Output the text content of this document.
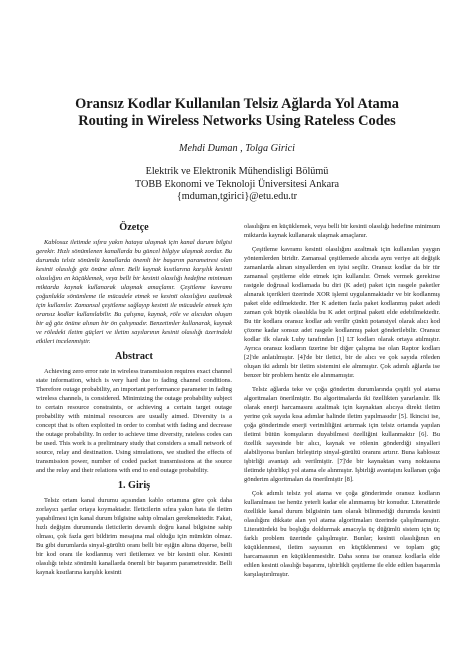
Oransız Kodlar Kullanılan Telsiz Ağlarda Yol Atama
Routing in Wireless Networks Using Rateless Codes
Mehdi Duman , Tolga Girici
Elektrik ve Elektronik Mühendisligi Bölümü
TOBB Ekonomi ve Teknoloji Üniversitesi Ankara
{mduman,tgirici}@etu.edu.tr
Özetçe

Kablosuz iletimde sıfıra yakın hataya ulaşmak için kanal durum bilgisi gerekir. Hızlı sönümlenen kanallarda bu güncel bilgiye ulaşmak zordur. Bu durumda telsiz sönümlü kanallarda önemli bir başarım parametresi olan kesinti olasılığı göz önüne alınır. Belli kaynak kısıtlarına karşılık kesinti olasılığını en küçüklemek, veya belli bir kesinti olasılığı hedefine minimum miktarda kaynak kullanarak ulaşmak amaçlanır. Çeşitleme kavramı çoğunlukla sönümleme ile mücadele etmek ve kesinti olasılığını azaltmak için kullanılır. Zamansal çeşitleme sağlayıp kesinti ile mücadele etmek için oransız kodlar kullanılabilir. Bu çalışma, kaynak, röle ve alıcıdan oluşan bir ağ göz önüne alınan bir ön çalışmadır. Benzetimler kullanarak, kaynak ve röledeki iletim güçleri ve iletim sayılarının kesinti olasılığı üzerindeki etkileri incelenmiştir.

Abstract

Achieving zero error rate in wireless transmission requires exact channel state information, which is very hard due to fading channel conditions. Therefore outage probability, an important performance parameter in fading wireless channels, is considered. Minimizing the outage probability subject to certain resource constraints, or achieving a certain target outage probability with minimal resources are usually aimed. Diversity is a concept that is often exploited in order to combat with fading and decrease the outage probability. In order to achieve time diversity, rateless codes can be used. This work is a preliminary study that considers a small network of source, relay and destination. Using simulations, we studied the effects of transmission power, number of coded packet transmissions at the source and the relay and their relations with end to end outage probability.

1. Giriş

Telsiz ortam kanal durumu açısından kablo ortamına göre çok daha zorlayıcı şartlar ortaya koymaktadır. İleticilerin sıfıra yakın hata ile iletim yapabilmesi için kanal durum bilgisine sahip olmaları gerekmektedir. Fakat, hızlı değişim durumunda ileticilerin devamlı doğru kanal bilgisine sahip olması, çok fazla geri bildirim mesajına mal olduğu için mümkün olmaz. Bu gibi durumlarda sinyal-gürültü oranı belli bir eşiğin altına düşerse, belli bir kod oranı ile kodlanmış veri iletilemez ve bir kesinti olur. Kesinti olasılığı telsiz sönümlü kanallarda önemli bir başarım parametresidir. Belli kaynak kısıtlarına karşılık kesinti

olasılığını en küçüklemek, veya belli bir kesinti olasılığı hedefine minimum miktarda kaynak kullanarak ulaşmak amaçlanır.

Çeşitleme kavramı kesinti olasılığını azaltmak için kullanılan yaygın yöntemlerden biridir. Zamansal çeşitlemede alıcıda aynı veriye ait değişik zamanlarda alınan sinyallerden en iyisi seçilir. Oransız kodlar da bir tür zamansal çeşitleme elde etmek için kullanılır. Örnek vermek gerekirse rastgele doğrusal kodlamada bu diri (K adet) paket için rasgele paketler alınarak içerikleri üzerinde XOR işlemi uygulanmaktadır ve bir kodlanmış paket elde edilmektedir. Her K adetten fazla paket kodlanmış paket adedi zaman çok büyük olasılıkla bu K adet orijinal paketi elde edebilmektedir. Bu tür kodlara oransız kodlar adı verilir çünkü potansiyel olarak alıcı kod çözene kadar sonsuz adet rasgele kodlanmış paket gönderilebilir. Oransız kodlar ilk olarak Luby tarafından [1] LT kodları olarak ortaya atılmıştır. Ayrıca oransız kodların üzerine bir diğer çalışma ise olan Raptor kodları [2]'de anlatılmıştır. [4]'de bir iletici, bir de alıcı ve çok sayıda röleden oluşan iki adımlı bir iletim sistemini ele almmıştır. Çok adımlı ağlarda ise benzer bir problem henüz ele alınmamıştır.

Telsiz ağlarda teke ve çoğa gönderim durumlarında çeşitli yol atama algoritmaları önerilmiştir. Bu algoritmalarda iki özellikten yararlanılır. İlk olarak enerji harcamasını azaltmak için kaynaktan alıcıya direkt iletim yerine çok sayıda kısa adımlar halinde iletim yapılmasıdır [5]. İkincisi ise, çoğa gönderimde enerji verimliliğini artırmak için telsiz ortamda yapılan iletimi bütün komşuların duyabilmesi özelliğini kullanmaktır [6]. Bu özellik sayesinde bir alıcı, kaynak ve rölenin gönderdiği sinyalleri alabiliyorsa bunları birleştirip sinyal-gürültü oranını artırır. Buna kablosuz işbirliği avantajı adı verilmiştir. [7]'de bir kaynaktan varış noktasına iletimde işbirlikçi yol atama ele alınmıştır. İşbirliği avantajını kullanan çoğa gönderim algoritmaları da önerilmiştir [8].

Çok adımlı telsiz yol atama ve çoğa gönderimde oransız kodların kullanılması ise henüz yeterli kadar ele alınmamış bir konudur. Literatürde özellikle kanal durum bilgisinin tam olarak bilinmediği durumda kesinti olasılığını dikkate alan yol atama algoritmaları üzerinde çalışılmamıştır. Literatürdeki bu boşluğu doldurmak amacıyla üç düğümlü sistem için üç farklı problem üzerinde çalışılmıştır. Bunlar; kesinti olasılığının en küçüklenmesi, iletim sayısının en küçüklenmesi ve toplam güç harcamasının en küçüklenmesidir. Daha sonra ise oransız kodlarla elde edilen kesinti olasılığı başarımı, işbirlikli çeşitleme ile elde edilen başarımla karşılaştırılmıştır.
